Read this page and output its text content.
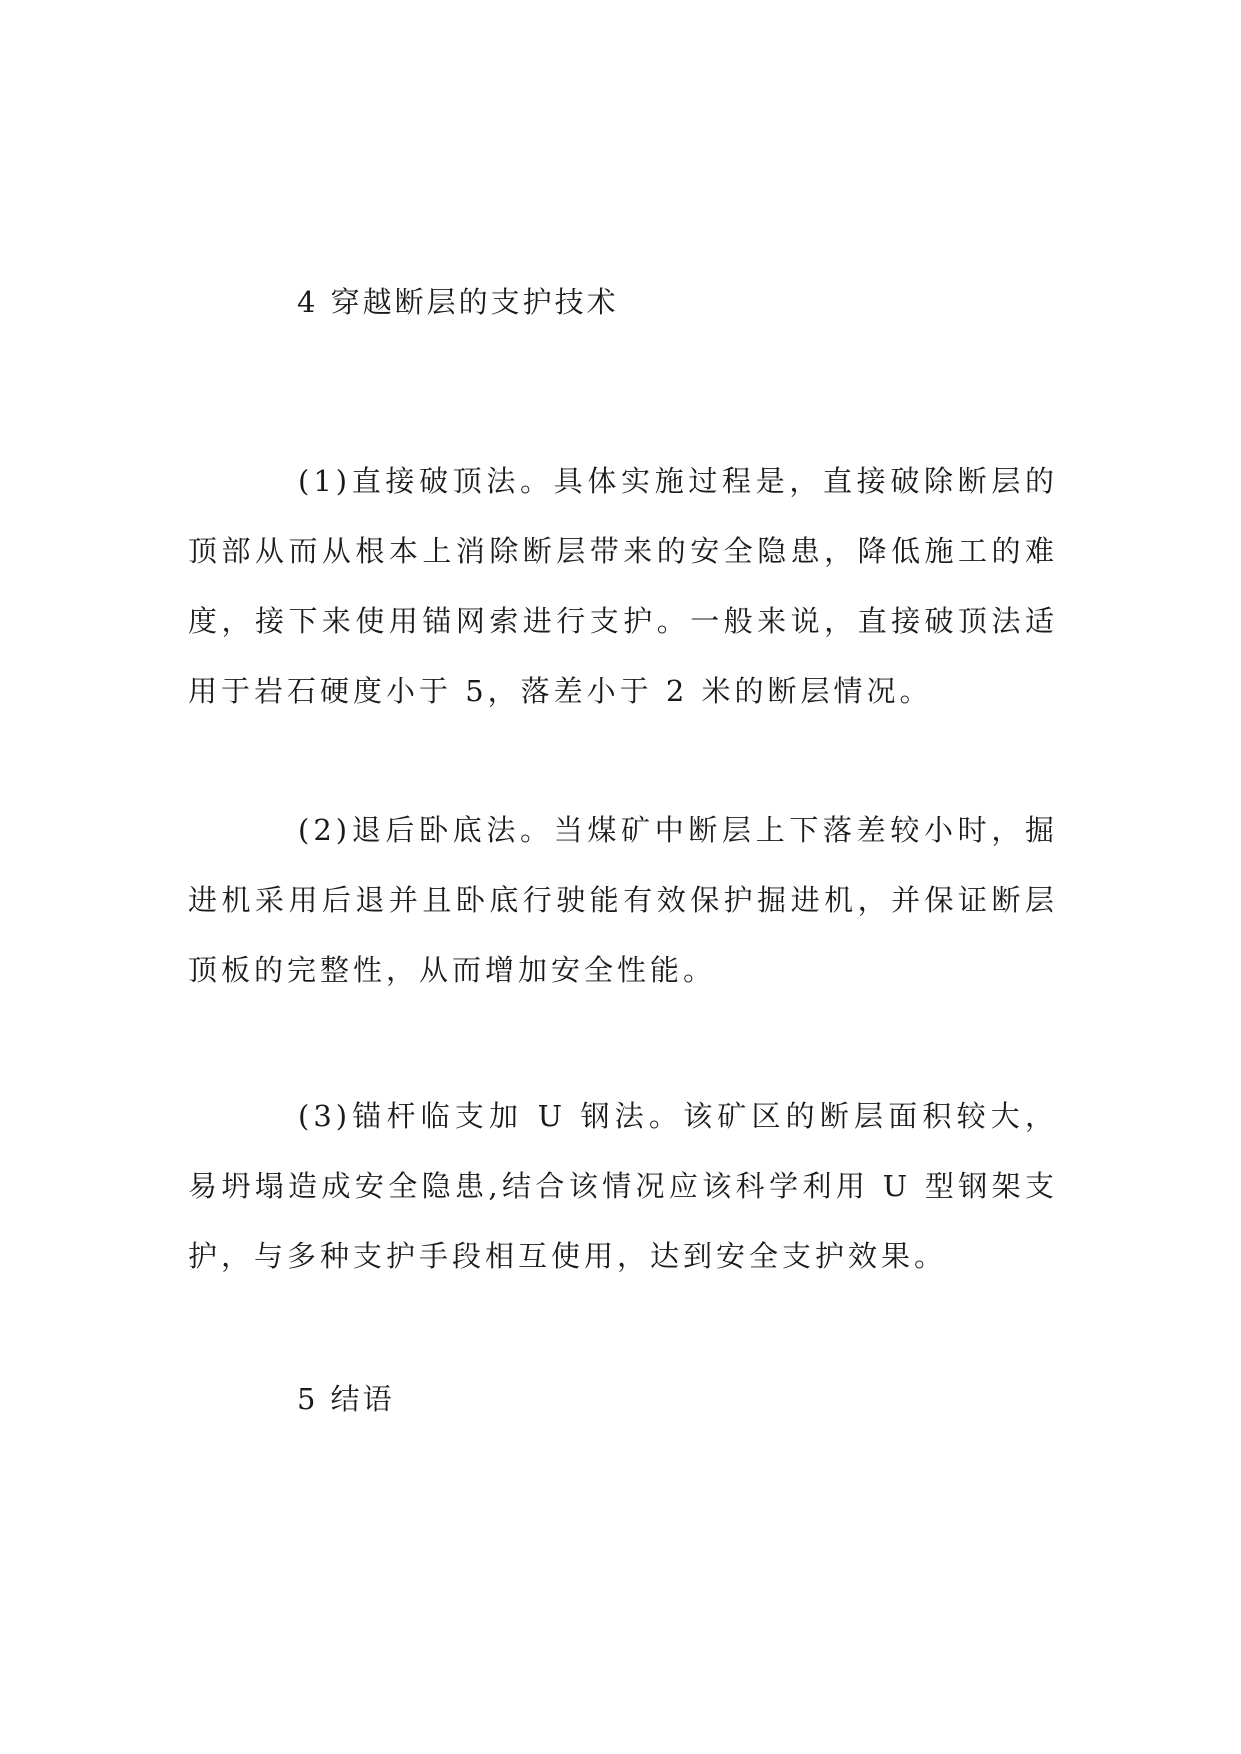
4 穿越断层的支护技术

(1)直接破顶法。具体实施过程是，直接破除断层的顶部从而从根本上消除断层带来的安全隐患，降低施工的难度，接下来使用锚网索进行支护。一般来说，直接破顶法适用于岩石硬度小于 5，落差小于 2 米的断层情况。

(2)退后卧底法。当煤矿中断层上下落差较小时，掘进机采用后退并且卧底行驶能有效保护掘进机，并保证断层顶板的完整性，从而增加安全性能。

(3)锚杆临支加 U 钢法。该矿区的断层面积较大，易坍塌造成安全隐患,结合该情况应该科学利用 U 型钢架支护，与多种支护手段相互使用，达到安全支护效果。

5 结语
